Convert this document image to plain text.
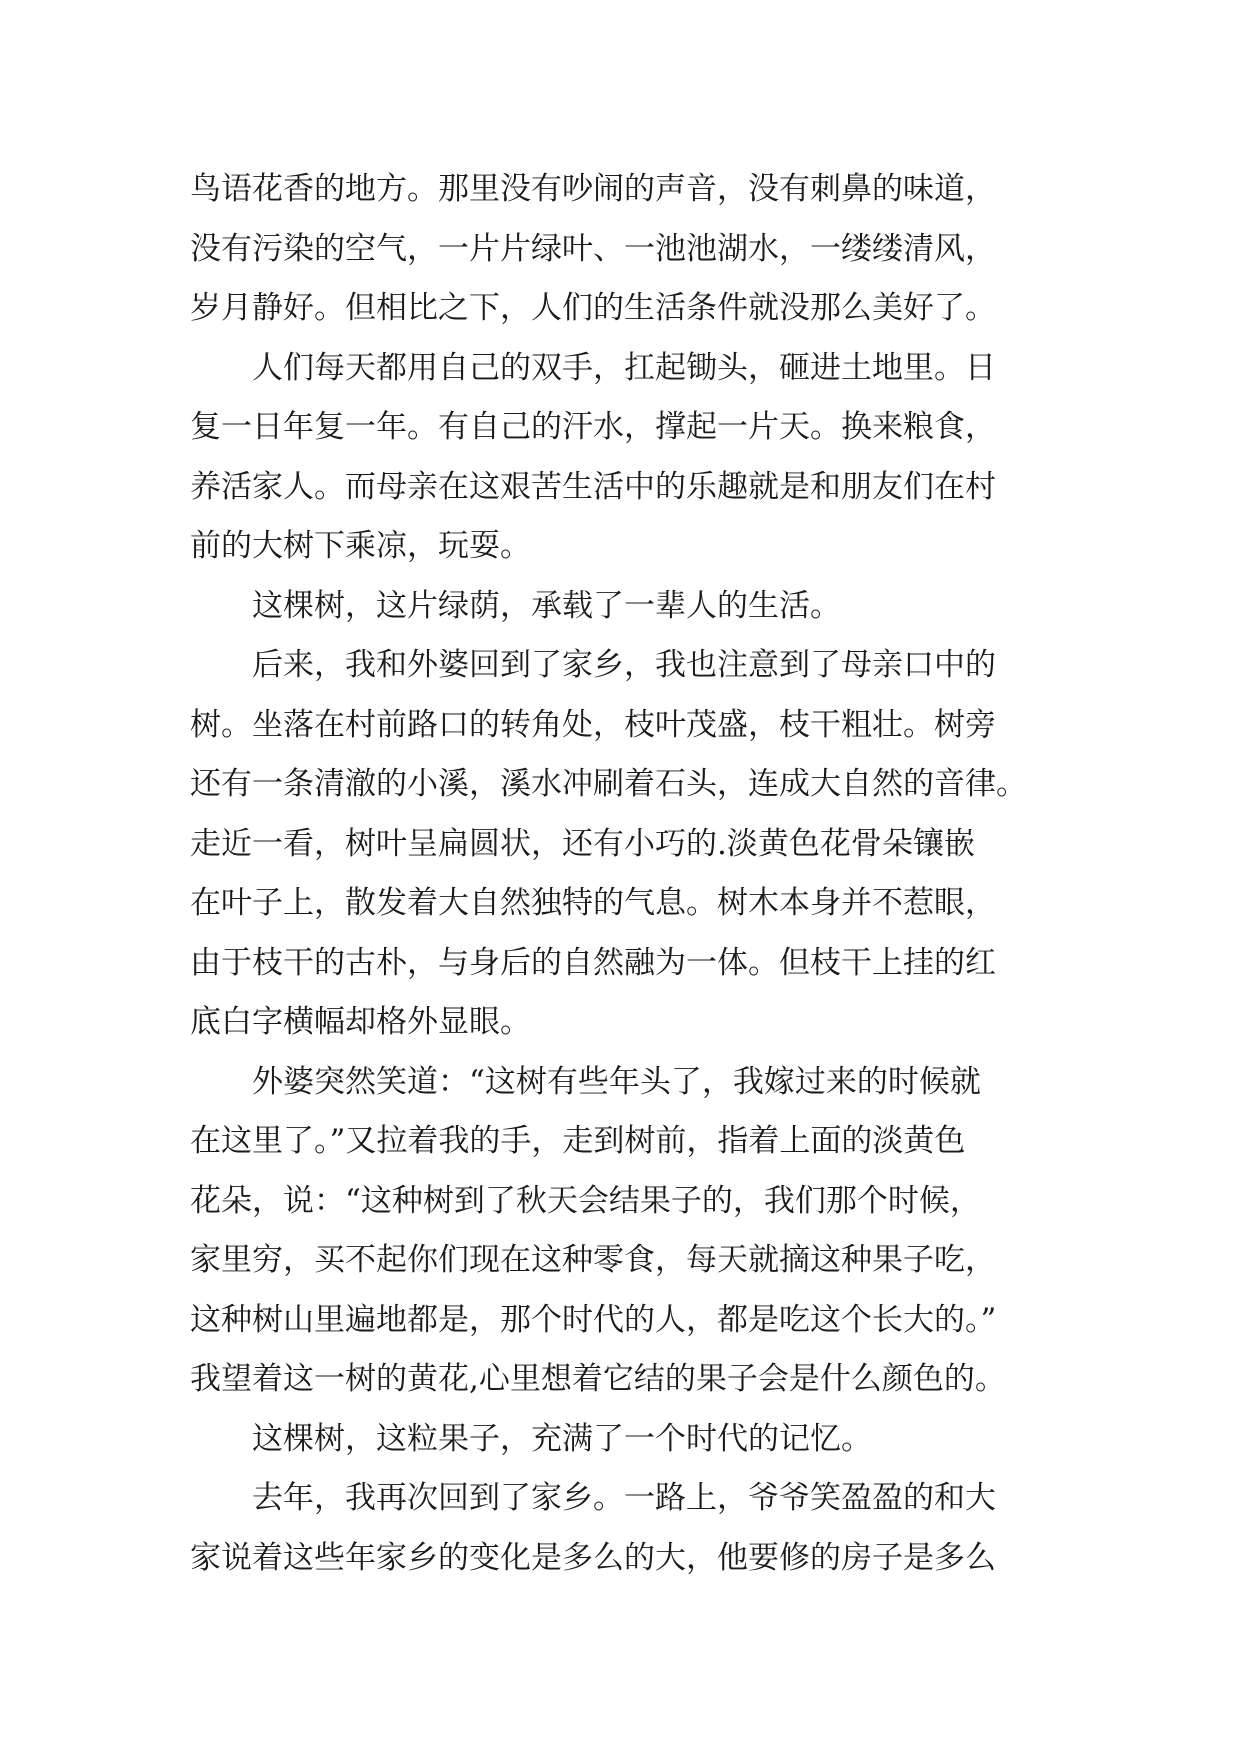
鸟语花香的地方。那里没有吵闹的声音，没有刺鼻的味道，
没有污染的空气，一片片绿叶、一池池湖水，一缕缕清风，
岁月静好。但相比之下，人们的生活条件就没那么美好了。
　　人们每天都用自己的双手，扛起锄头，砸进土地里。日
复一日年复一年。有自己的汗水，撑起一片天。换来粮食，
养活家人。而母亲在这艰苦生活中的乐趣就是和朋友们在村
前的大树下乘凉，玩耍。
　　这棵树，这片绿荫，承载了一辈人的生活。
　　后来，我和外婆回到了家乡，我也注意到了母亲口中的
树。坐落在村前路口的转角处，枝叶茂盛，枝干粗壮。树旁
还有一条清澈的小溪，溪水冲刷着石头，连成大自然的音律。
走近一看，树叶呈扁圆状，还有小巧的.淡黄色花骨朵镶嵌
在叶子上，散发着大自然独特的气息。树木本身并不惹眼，
由于枝干的古朴，与身后的自然融为一体。但枝干上挂的红
底白字横幅却格外显眼。
　　外婆突然笑道：“这树有些年头了，我嫁过来的时候就
在这里了。”又拉着我的手，走到树前，指着上面的淡黄色
花朵，说：“这种树到了秋天会结果子的，我们那个时候，
家里穷，买不起你们现在这种零食，每天就摘这种果子吃，
这种树山里遍地都是，那个时代的人，都是吃这个长大的。”
我望着这一树的黄花,心里想着它结的果子会是什么颜色的。
　　这棵树，这粒果子，充满了一个时代的记忆。
　　去年，我再次回到了家乡。一路上，爷爷笑盈盈的和大
家说着这些年家乡的变化是多么的大，他要修的房子是多么
